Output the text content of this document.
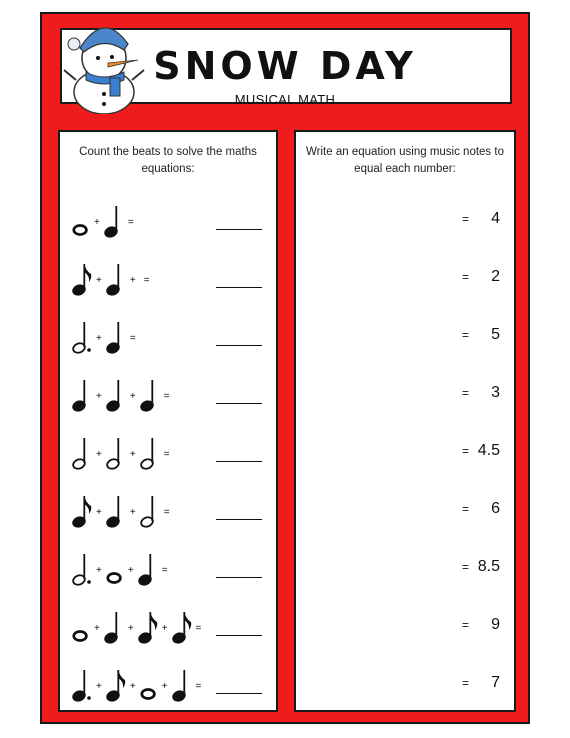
SNOW DAY
MUSICAL MATH
Count the beats to solve the maths equations:
+	=
+	+ =
+	=
+	+	=
+	+	=
+	+	=
+	+	=
+	+	+	=
+	+	+	=
Write an equation using music notes to equal each number:
= 4
= 2
= 5
= 3
= 4.5
= 6
= 8.5
= 9
= 7
